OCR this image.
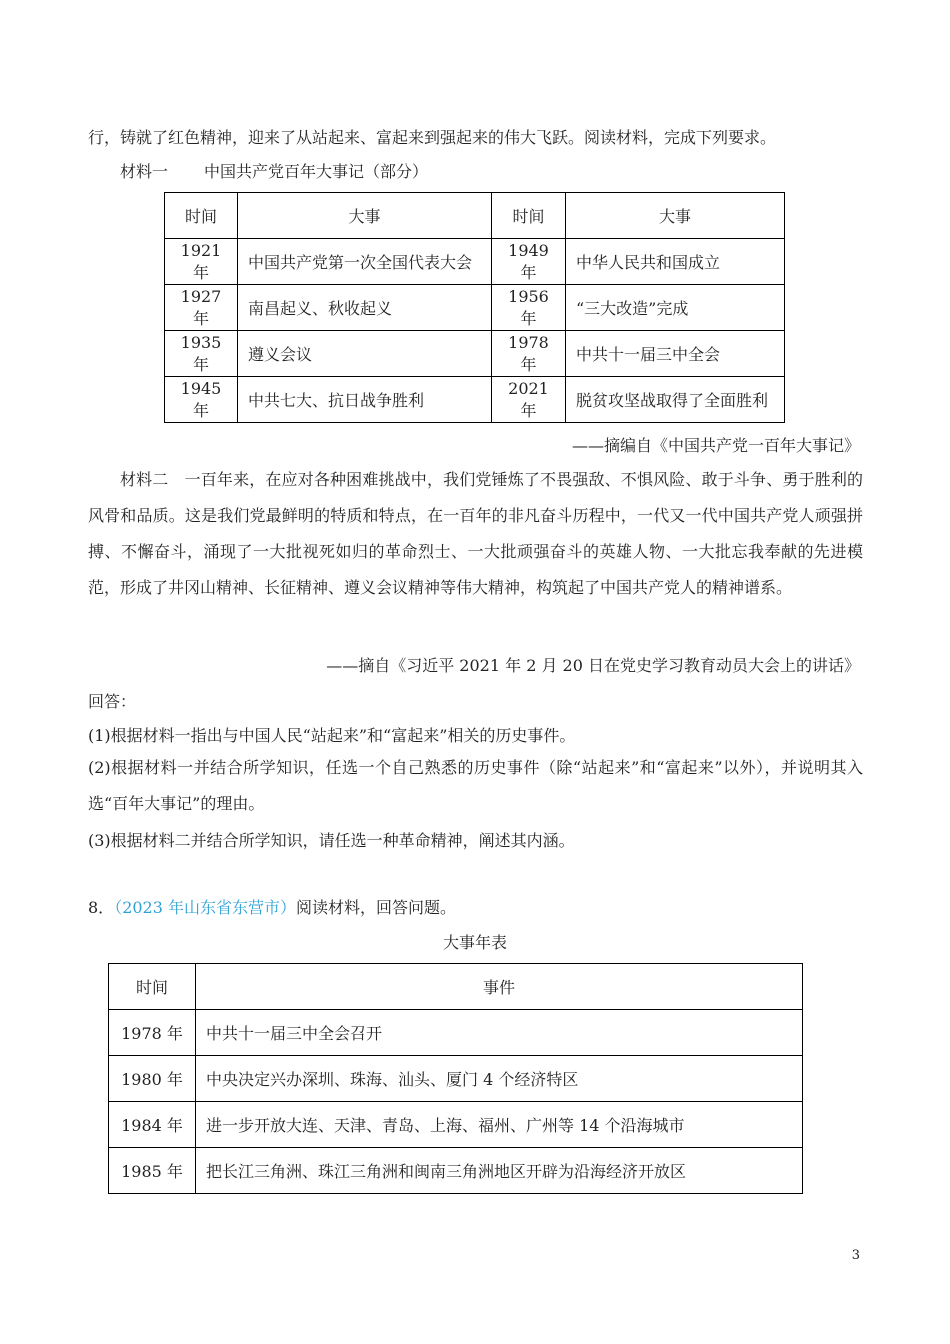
行，铸就了红色精神，迎来了从站起来、富起来到强起来的伟大飞跃。阅读材料，完成下列要求。
材料一 中国共产党百年大事记（部分）
时间	大事	时间	大事
1921 年	中国共产党第一次全国代表大会	1949 年	中华人民共和国成立
1927 年	南昌起义、秋收起义	1956 年	“三大改造”完成
1935 年	遵义会议	1978 年	中共十一届三中全会
1945 年	中共七大、抗日战争胜利	2021 年	脱贫攻坚战取得了全面胜利
——摘编自《中国共产党一百年大事记》
材料二　一百年来，在应对各种困难挑战中，我们党锤炼了不畏强敌、不惧风险、敢于斗争、勇于胜利的风骨和品质。这是我们党最鲜明的特质和特点，在一百年的非凡奋斗历程中，一代又一代中国共产党人顽强拼搏、不懈奋斗，涌现了一大批视死如归的革命烈士、一大批顽强奋斗的英雄人物、一大批忘我奉献的先进模范，形成了井冈山精神、长征精神、遵义会议精神等伟大精神，构筑起了中国共产党人的精神谱系。
——摘自《习近平 2021 年 2 月 20 日在党史学习教育动员大会上的讲话》
回答：
(1)根据材料一指出与中国人民“站起来”和“富起来”相关的历史事件。
(2)根据材料一并结合所学知识，任选一个自己熟悉的历史事件（除“站起来”和“富起来”以外），并说明其入选“百年大事记”的理由。
(3)根据材料二并结合所学知识，请任选一种革命精神，阐述其内涵。
8．（2023 年山东省东营市）阅读材料，回答问题。
大事年表
时间	事件
1978 年	中共十一届三中全会召开
1980 年	中央决定兴办深圳、珠海、汕头、厦门 4 个经济特区
1984 年	进一步开放大连、天津、青岛、上海、福州、广州等 14 个沿海城市
1985 年	把长江三角洲、珠江三角洲和闽南三角洲地区开辟为沿海经济开放区
3
